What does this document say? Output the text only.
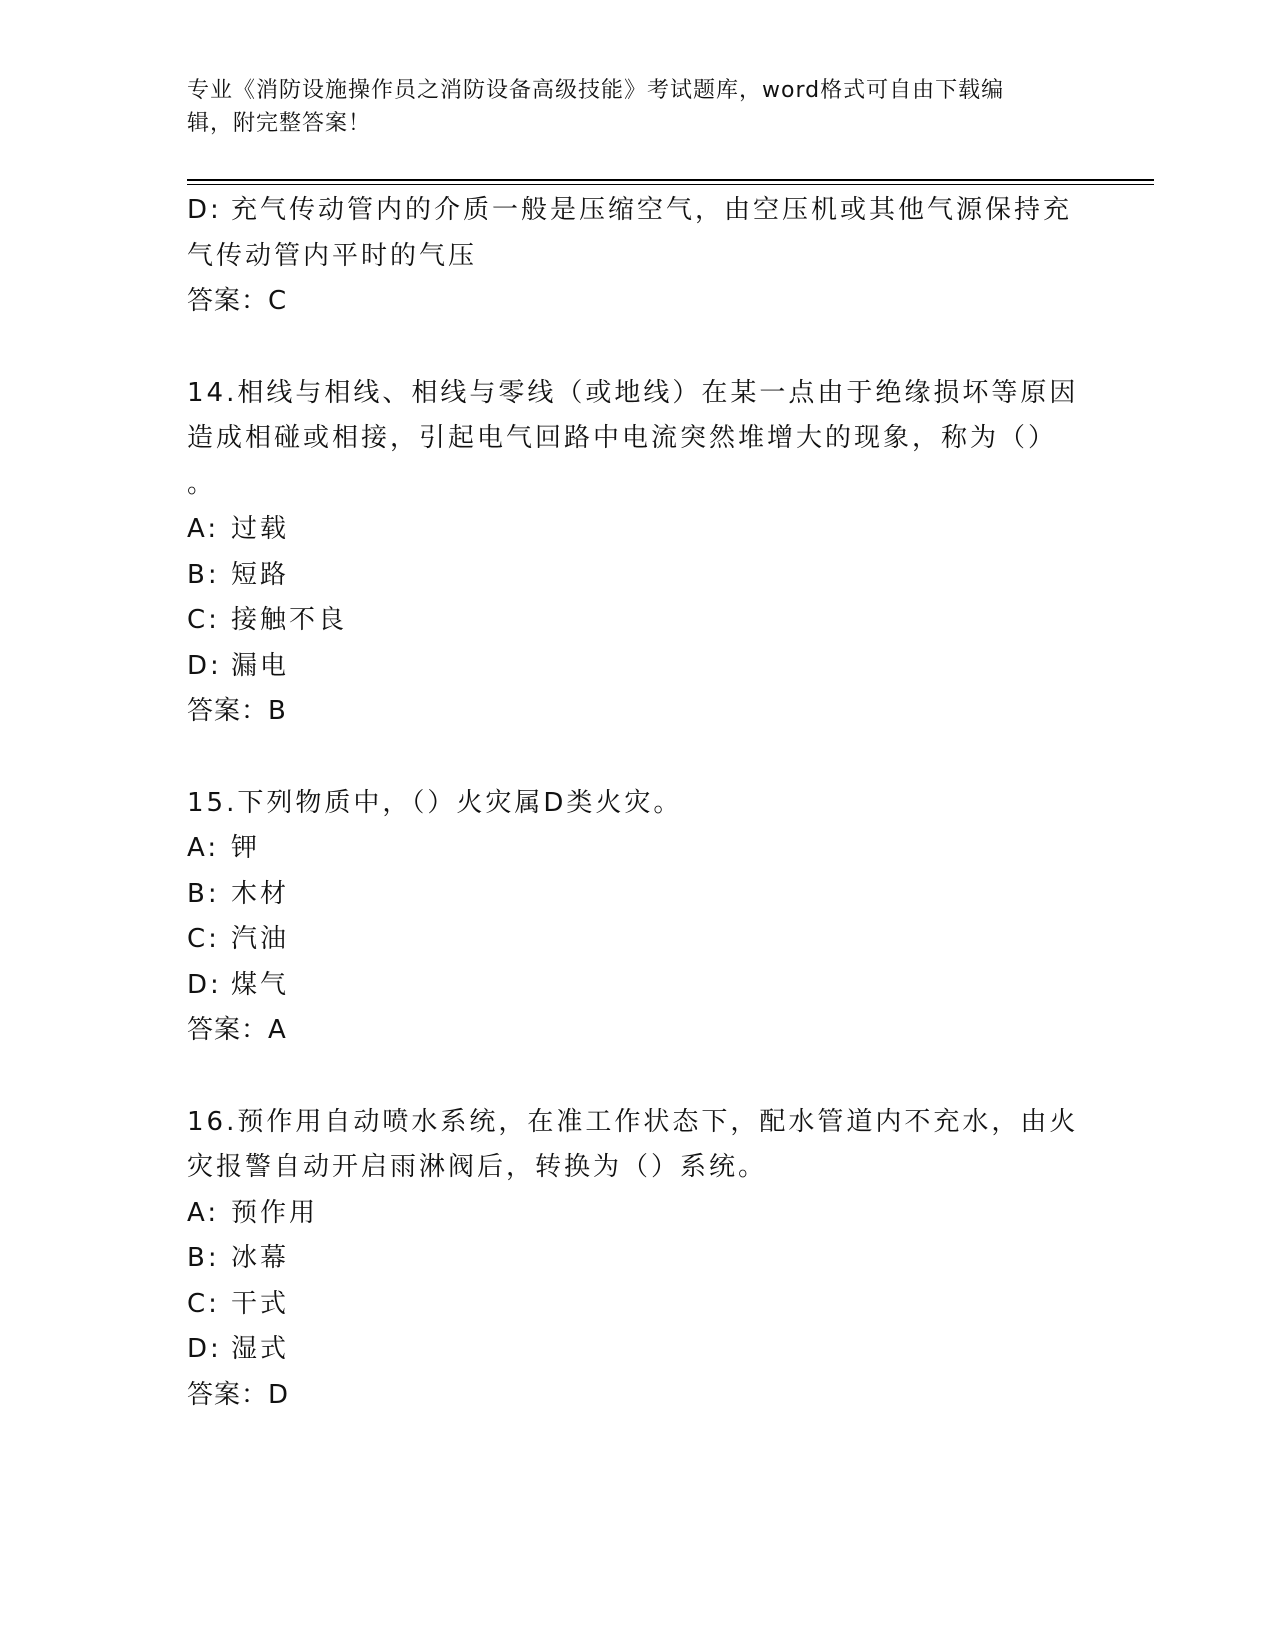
专业《消防设施操作员之消防设备高级技能》考试题库，word格式可自由下载编
辑，附完整答案！
D: 充气传动管内的介质一般是压缩空气，由空压机或其他气源保持充
气传动管内平时的气压
答案：C
14.相线与相线、相线与零线（或地线）在某一点由于绝缘损坏等原因
造成相碰或相接，引起电气回路中电流突然堆增大的现象，称为（）
。
A: 过载
B: 短路
C: 接触不良
D: 漏电
答案：B
15.下列物质中，（）火灾属D类火灾。
A: 钾
B: 木材
C: 汽油
D: 煤气
答案：A
16.预作用自动喷水系统，在准工作状态下，配水管道内不充水，由火
灾报警自动开启雨淋阀后，转换为（）系统。
A: 预作用
B: 冰幕
C: 干式
D: 湿式
答案：D
